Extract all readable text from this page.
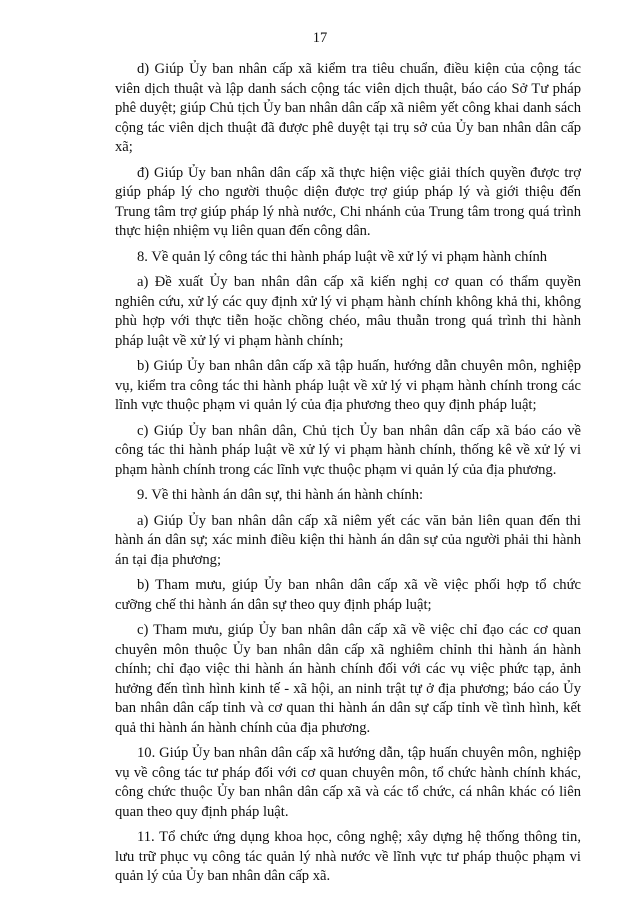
17

d) Giúp Ủy ban nhân cấp xã kiểm tra tiêu chuẩn, điều kiện của cộng tác viên dịch thuật và lập danh sách cộng tác viên dịch thuật, báo cáo Sở Tư pháp phê duyệt; giúp Chủ tịch Ủy ban nhân dân cấp xã niêm yết công khai danh sách cộng tác viên dịch thuật đã được phê duyệt tại trụ sở của Ủy ban nhân dân cấp xã;

đ) Giúp Ủy ban nhân dân cấp xã thực hiện việc giải thích quyền được trợ giúp pháp lý cho người thuộc diện được trợ giúp pháp lý và giới thiệu đến Trung tâm trợ giúp pháp lý nhà nước, Chi nhánh của Trung tâm trong quá trình thực hiện nhiệm vụ liên quan đến công dân.

8. Về quản lý công tác thi hành pháp luật về xử lý vi phạm hành chính

a) Đề xuất Ủy ban nhân dân cấp xã kiến nghị cơ quan có thẩm quyền nghiên cứu, xử lý các quy định xử lý vi phạm hành chính không khả thi, không phù hợp với thực tiễn hoặc chồng chéo, mâu thuẫn trong quá trình thi hành pháp luật về xử lý vi phạm hành chính;

b) Giúp Ủy ban nhân dân cấp xã tập huấn, hướng dẫn chuyên môn, nghiệp vụ, kiểm tra công tác thi hành pháp luật về xử lý vi phạm hành chính trong các lĩnh vực thuộc phạm vi quản lý của địa phương theo quy định pháp luật;

c) Giúp Ủy ban nhân dân, Chủ tịch Ủy ban nhân dân cấp xã báo cáo về công tác thi hành pháp luật về xử lý vi phạm hành chính, thống kê về xử lý vi phạm hành chính trong các lĩnh vực thuộc phạm vi quản lý của địa phương.

9. Về thi hành án dân sự, thi hành án hành chính:

a) Giúp Ủy ban nhân dân cấp xã niêm yết các văn bản liên quan đến thi hành án dân sự; xác minh điều kiện thi hành án dân sự của người phải thi hành án tại địa phương;

b) Tham mưu, giúp Ủy ban nhân dân cấp xã về việc phối hợp tổ chức cưỡng chế thi hành án dân sự theo quy định pháp luật;

c) Tham mưu, giúp Ủy ban nhân dân cấp xã về việc chỉ đạo các cơ quan chuyên môn thuộc Ủy ban nhân dân cấp xã nghiêm chỉnh thi hành án hành chính; chỉ đạo việc thi hành án hành chính đối với các vụ việc phức tạp, ảnh hưởng đến tình hình kinh tế - xã hội, an ninh trật tự ở địa phương; báo cáo Ủy ban nhân dân cấp tỉnh và cơ quan thi hành án dân sự cấp tỉnh về tình hình, kết quả thi hành án hành chính của địa phương.

10. Giúp Ủy ban nhân dân cấp xã hướng dẫn, tập huấn chuyên môn, nghiệp vụ về công tác tư pháp đối với cơ quan chuyên môn, tổ chức hành chính khác, công chức thuộc Ủy ban nhân dân cấp xã và các tổ chức, cá nhân khác có liên quan theo quy định pháp luật.

11. Tổ chức ứng dụng khoa học, công nghệ; xây dựng hệ thống thông tin, lưu trữ phục vụ công tác quản lý nhà nước về lĩnh vực tư pháp thuộc phạm vi quản lý của Ủy ban nhân dân cấp xã.
